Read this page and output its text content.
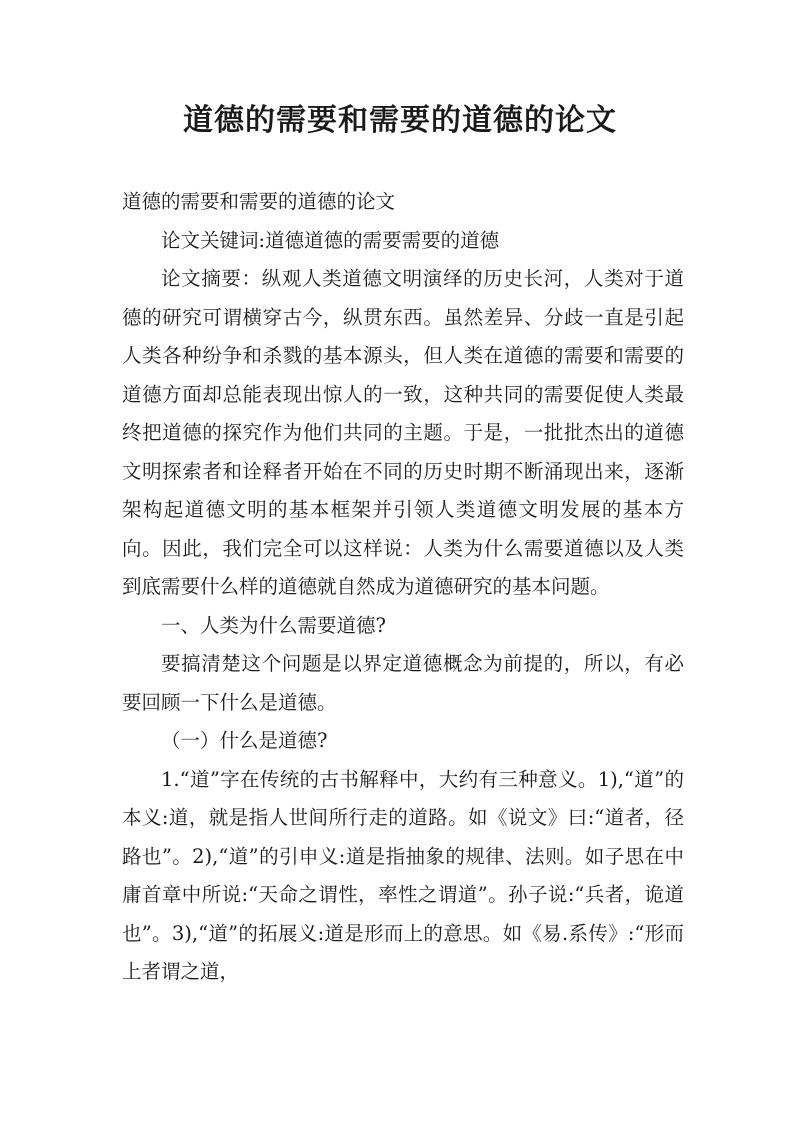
道德的需要和需要的道德的论文

道德的需要和需要的道德的论文

论文关键词:道德道德的需要需要的道德

论文摘要：纵观人类道德文明演绎的历史长河，人类对于道德的研究可谓横穿古今，纵贯东西。虽然差异、分歧一直是引起人类各种纷争和杀戮的基本源头，但人类在道德的需要和需要的道德方面却总能表现出惊人的一致，这种共同的需要促使人类最终把道德的探究作为他们共同的主题。于是，一批批杰出的道德文明探索者和诠释者开始在不同的历史时期不断涌现出来，逐渐架构起道德文明的基本框架并引领人类道德文明发展的基本方向。因此，我们完全可以这样说：人类为什么需要道德以及人类到底需要什么样的道德就自然成为道德研究的基本问题。

一、人类为什么需要道德?

要搞清楚这个问题是以界定道德概念为前提的，所以，有必要回顾一下什么是道德。

（一）什么是道德?

1.“道”字在传统的古书解释中，大约有三种意义。1),“道”的本义:道，就是指人世间所行走的道路。如《说文》曰:“道者，径路也”。2),“道”的引申义:道是指抽象的规律、法则。如子思在中庸首章中所说:“天命之谓性，率性之谓道”。孙子说:“兵者，诡道也”。3),“道”的拓展义:道是形而上的意思。如《易.系传》:“形而上者谓之道，
